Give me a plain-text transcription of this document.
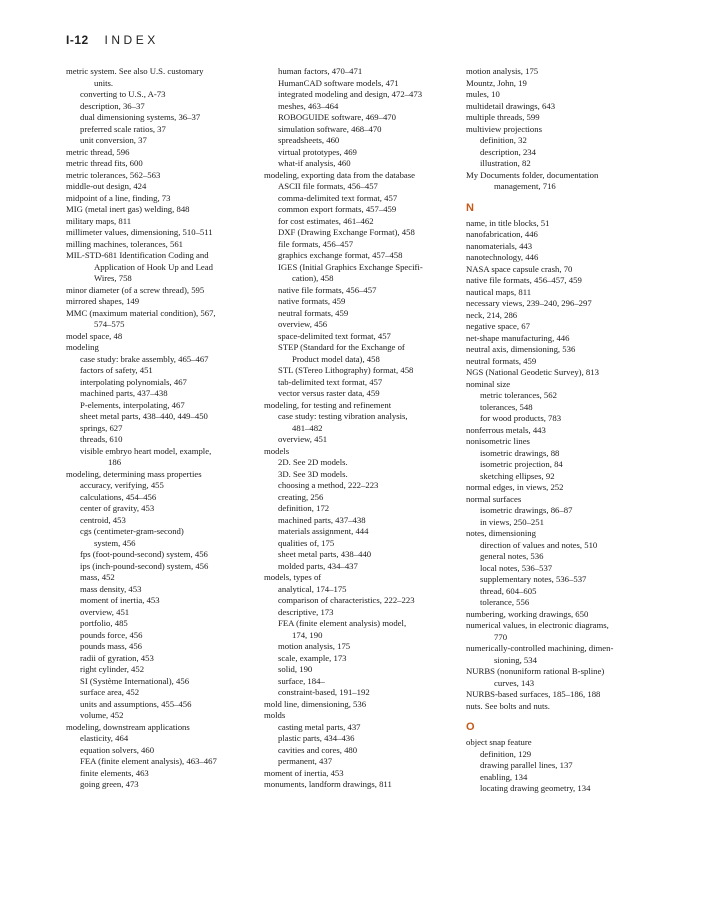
I-12 INDEX
metric system. See also U.S. customary
units.
converting to U.S., A-73
description, 36–37
dual dimensioning systems, 36–37
preferred scale ratios, 37
unit conversion, 37
metric thread, 596
metric thread fits, 600
metric tolerances, 562–563
middle-out design, 424
midpoint of a line, finding, 73
MIG (metal inert gas) welding, 848
military maps, 811
millimeter values, dimensioning, 510–511
milling machines, tolerances, 561
MIL-STD-681 Identification Coding and
Application of Hook Up and Lead
Wires, 758
minor diameter (of a screw thread), 595
mirrored shapes, 149
MMC (maximum material condition), 567,
574–575
model space, 48
modeling
case study: brake assembly, 465–467
factors of safety, 451
interpolating polynomials, 467
machined parts, 437–438
P-elements, interpolating, 467
sheet metal parts, 438–440, 449–450
springs, 627
threads, 610
visible embryo heart model, example,
186
modeling, determining mass properties
accuracy, verifying, 455
calculations, 454–456
center of gravity, 453
centroid, 453
cgs (centimeter-gram-second)
system, 456
fps (foot-pound-second) system, 456
ips (inch-pound-second) system, 456
mass, 452
mass density, 453
moment of inertia, 453
overview, 451
portfolio, 485
pounds force, 456
pounds mass, 456
radii of gyration, 453
right cylinder, 452
SI (Système International), 456
surface area, 452
units and assumptions, 455–456
volume, 452
modeling, downstream applications
elasticity, 464
equation solvers, 460
FEA (finite element analysis), 463–467
finite elements, 463
going green, 473
human factors, 470–471
HumanCAD software models, 471
integrated modeling and design, 472–473
meshes, 463–464
ROBOGUIDE software, 469–470
simulation software, 468–470
spreadsheets, 460
virtual prototypes, 469
what-if analysis, 460
modeling, exporting data from the database
ASCII file formats, 456–457
comma-delimited text format, 457
common export formats, 457–459
for cost estimates, 461–462
DXF (Drawing Exchange Format), 458
file formats, 456–457
graphics exchange format, 457–458
IGES (Initial Graphics Exchange Specifi-
cation), 458
native file formats, 456–457
native formats, 459
neutral formats, 459
overview, 456
space-delimited text format, 457
STEP (Standard for the Exchange of
Product model data), 458
STL (STereo Lithography) format, 458
tab-delimited text format, 457
vector versus raster data, 459
modeling, for testing and refinement
case study: testing vibration analysis,
481–482
overview, 451
models
2D. See 2D models.
3D. See 3D models.
choosing a method, 222–223
creating, 256
definition, 172
machined parts, 437–438
materials assignment, 444
qualities of, 175
sheet metal parts, 438–440
molded parts, 434–437
models, types of
analytical, 174–175
comparison of characteristics, 222–223
descriptive, 173
FEA (finite element analysis) model,
174, 190
motion analysis, 175
scale, example, 173
solid, 190
surface, 184–
constraint-based, 191–192
mold line, dimensioning, 536
molds
casting metal parts, 437
plastic parts, 434–436
cavities and cores, 480
permanent, 437
moment of inertia, 453
monuments, landform drawings, 811
motion analysis, 175
Mountz, John, 19
mules, 10
multidetail drawings, 643
multiple threads, 599
multiview projections
definition, 32
description, 234
illustration, 82
My Documents folder, documentation
management, 716
N
name, in title blocks, 51
nanofabrication, 446
nanomaterials, 443
nanotechnology, 446
NASA space capsule crash, 70
native file formats, 456–457, 459
nautical maps, 811
necessary views, 239–240, 296–297
neck, 214, 286
negative space, 67
net-shape manufacturing, 446
neutral axis, dimensioning, 536
neutral formats, 459
NGS (National Geodetic Survey), 813
nominal size
metric tolerances, 562
tolerances, 548
for wood products, 783
nonferrous metals, 443
nonisometric lines
isometric drawings, 88
isometric projection, 84
sketching ellipses, 92
normal edges, in views, 252
normal surfaces
isometric drawings, 86–87
in views, 250–251
notes, dimensioning
direction of values and notes, 510
general notes, 536
local notes, 536–537
supplementary notes, 536–537
thread, 604–605
tolerance, 556
numbering, working drawings, 650
numerical values, in electronic diagrams,
770
numerically-controlled machining, dimen-
sioning, 534
NURBS (nonuniform rational B-spline)
curves, 143
NURBS-based surfaces, 185–186, 188
nuts. See bolts and nuts.
O
object snap feature
definition, 129
drawing parallel lines, 137
enabling, 134
locating drawing geometry, 134
